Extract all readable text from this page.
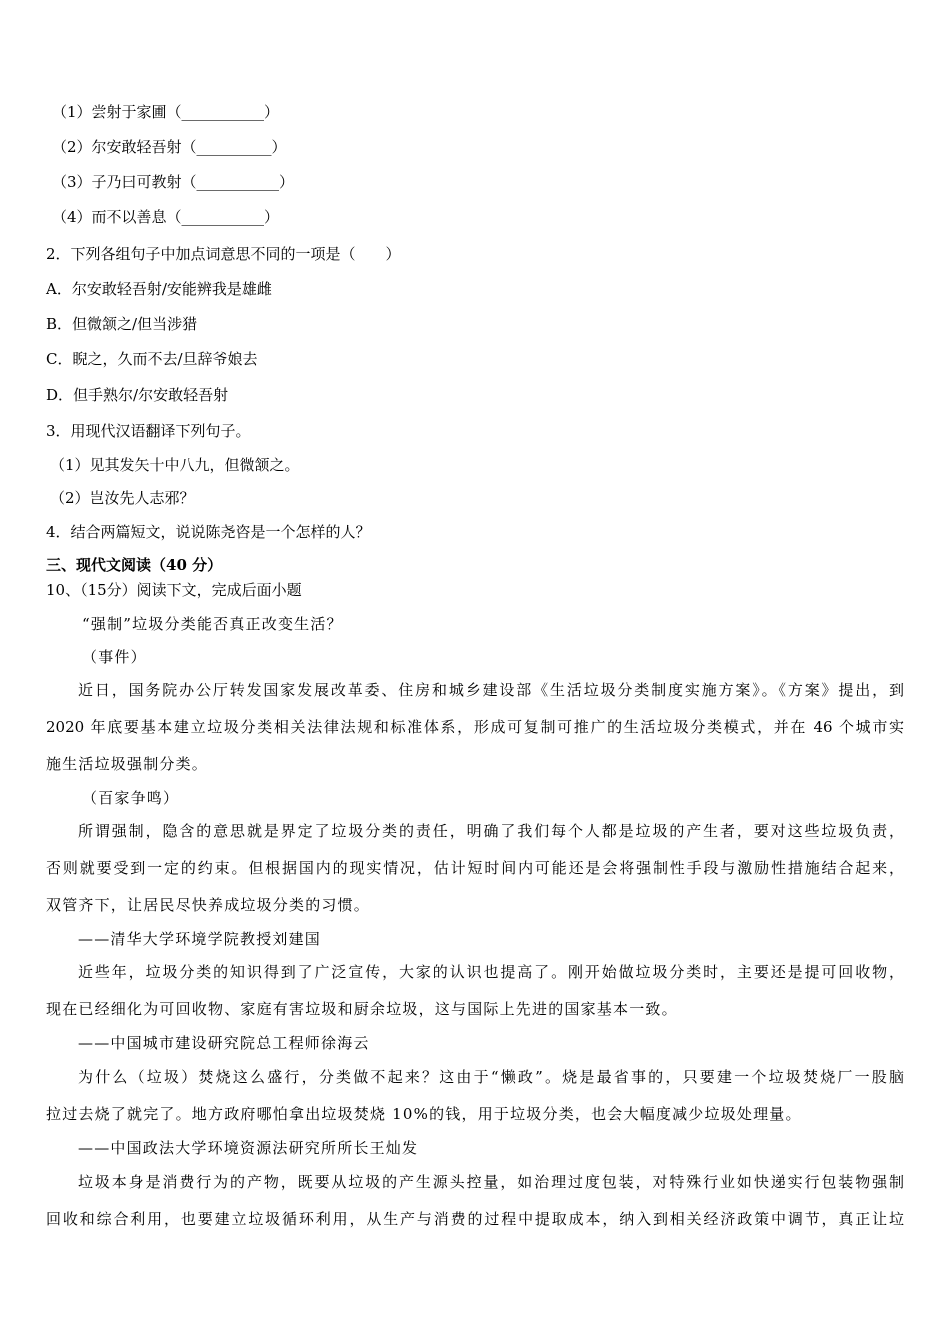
（1）尝射于家圃（___________）
（2）尔安敢轻吾射（__________）
（3）子乃曰可教射（___________）
（4）而不以善息（___________）
2．下列各组句子中加点词意思不同的一项是（　　）
A．尔安敢轻吾射/安能辨我是雄雌
B．但微颔之/但当涉猎
C．睨之，久而不去/旦辞爷娘去
D．但手熟尔/尔安敢轻吾射
3．用现代汉语翻译下列句子。
（1）见其发矢十中八九，但微颔之。
（2）岂汝先人志邪？
4．结合两篇短文，说说陈尧咨是一个怎样的人？
三、现代文阅读（40 分）
10、（15分）阅读下文，完成后面小题
“强制”垃圾分类能否真正改变生活？
（事件）
近日，国务院办公厅转发国家发展改革委、住房和城乡建设部《生活垃圾分类制度实施方案》。《方案》提出，到
2020 年底要基本建立垃圾分类相关法律法规和标准体系，形成可复制可推广的生活垃圾分类模式，并在 46 个城市实
施生活垃圾强制分类。
（百家争鸣）
所谓强制，隐含的意思就是界定了垃圾分类的责任，明确了我们每个人都是垃圾的产生者，要对这些垃圾负责，
否则就要受到一定的约束。但根据国内的现实情况，估计短时间内可能还是会将强制性手段与激励性措施结合起来，
双管齐下，让居民尽快养成垃圾分类的习惯。
——清华大学环境学院教授刘建国
近些年，垃圾分类的知识得到了广泛宣传，大家的认识也提高了。刚开始做垃圾分类时，主要还是提可回收物，
现在已经细化为可回收物、家庭有害垃圾和厨余垃圾，这与国际上先进的国家基本一致。
——中国城市建设研究院总工程师徐海云
为什么（垃圾）焚烧这么盛行，分类做不起来？这由于“懒政”。烧是最省事的，只要建一个垃圾焚烧厂一股脑
拉过去烧了就完了。地方政府哪怕拿出垃圾焚烧 10%的钱，用于垃圾分类，也会大幅度减少垃圾处理量。
——中国政法大学环境资源法研究所所长王灿发
垃圾本身是消费行为的产物，既要从垃圾的产生源头控量，如治理过度包装，对特殊行业如快递实行包装物强制
回收和综合利用，也要建立垃圾循环利用，从生产与消费的过程中提取成本，纳入到相关经济政策中调节，真正让垃
